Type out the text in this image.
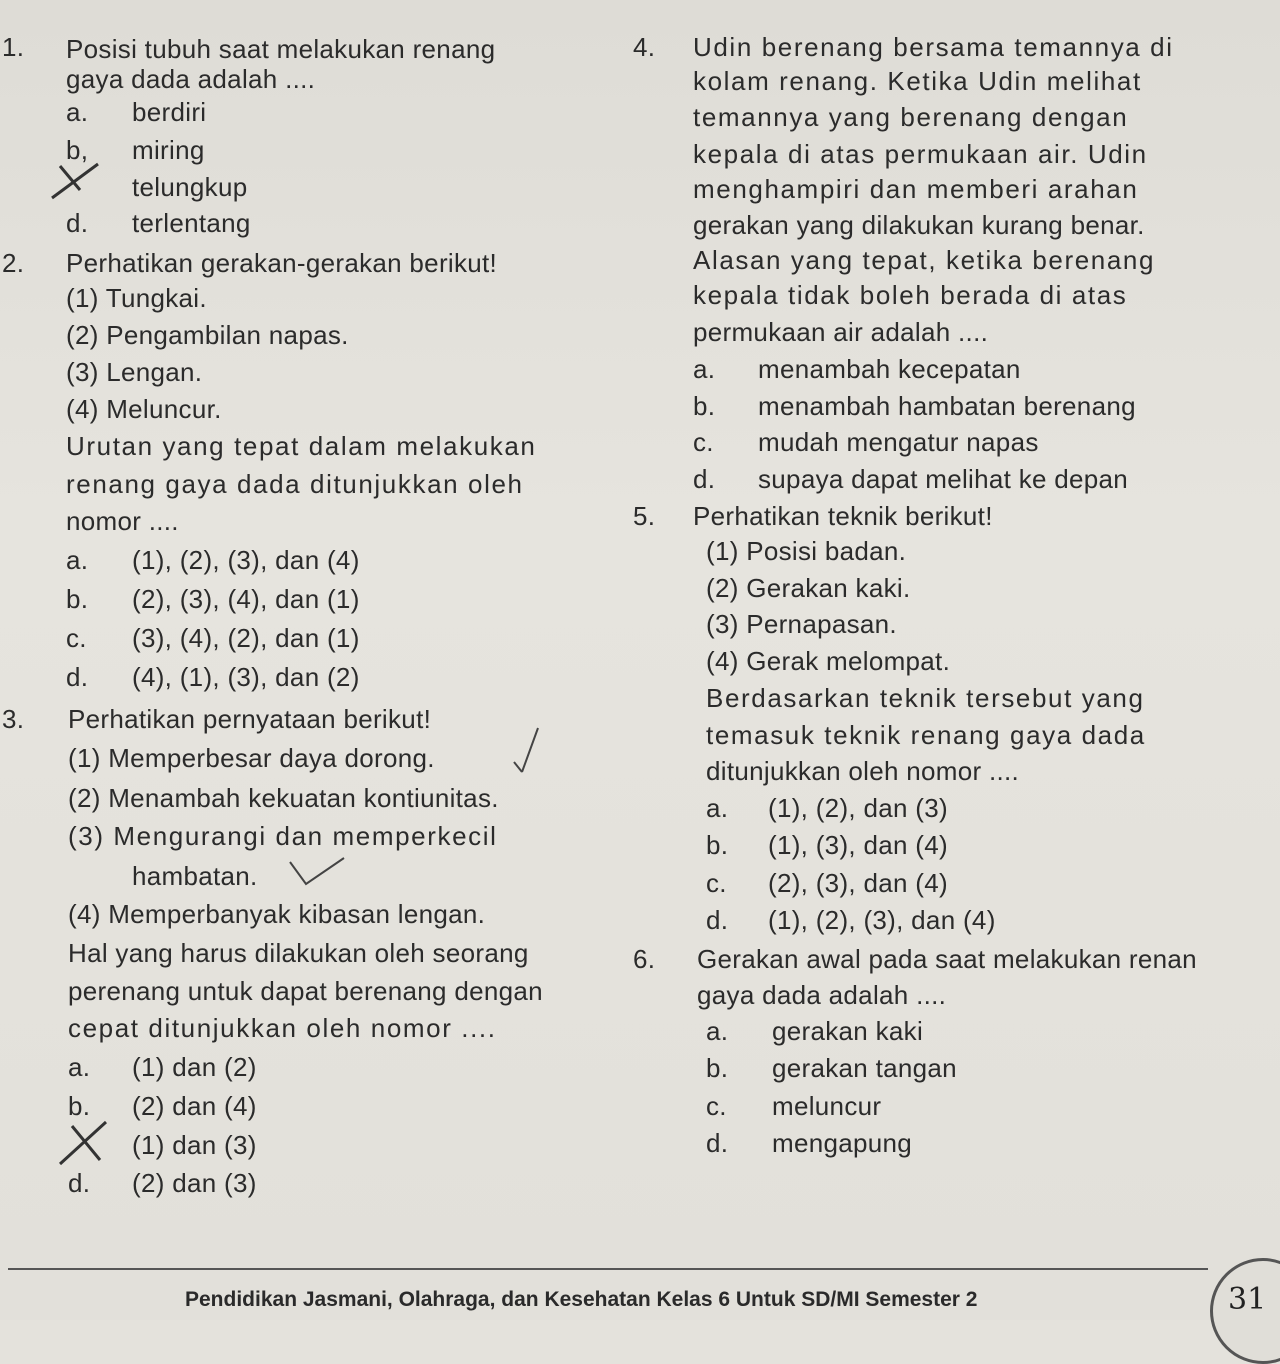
1. Posisi tubuh saat melakukan renang
gaya dada adalah ....
a. berdiri
b, miring
telungkup
d. terlentang
2. Perhatikan gerakan-gerakan berikut!
(1) Tungkai.
(2) Pengambilan napas.
(3) Lengan.
(4) Meluncur.
Urutan yang tepat dalam melakukan
renang gaya dada ditunjukkan oleh
nomor ....
a. (1), (2), (3), dan (4)
b. (2), (3), (4), dan (1)
c. (3), (4), (2), dan (1)
d. (4), (1), (3), dan (2)
3. Perhatikan pernyataan berikut!
(1) Memperbesar daya dorong.
(2) Menambah kekuatan kontiunitas.
(3) Mengurangi dan memperkecil
hambatan.
(4) Memperbanyak kibasan lengan.
Hal yang harus dilakukan oleh seorang
perenang untuk dapat berenang dengan
cepat ditunjukkan oleh nomor ....
a. (1) dan (2)
b. (2) dan (4)
(1) dan (3)
d. (2) dan (3)
4. Udin berenang bersama temannya di
kolam renang. Ketika Udin melihat
temannya yang berenang dengan
kepala di atas permukaan air. Udin
menghampiri dan memberi arahan
gerakan yang dilakukan kurang benar.
Alasan yang tepat, ketika berenang
kepala tidak boleh berada di atas
permukaan air adalah ....
a. menambah kecepatan
b. menambah hambatan berenang
c. mudah mengatur napas
d. supaya dapat melihat ke depan
5. Perhatikan teknik berikut!
(1) Posisi badan.
(2) Gerakan kaki.
(3) Pernapasan.
(4) Gerak melompat.
Berdasarkan teknik tersebut yang
temasuk teknik renang gaya dada
ditunjukkan oleh nomor ....
a. (1), (2), dan (3)
b. (1), (3), dan (4)
c. (2), (3), dan (4)
d. (1), (2), (3), dan (4)
6. Gerakan awal pada saat melakukan renan
gaya dada adalah ....
a. gerakan kaki
b. gerakan tangan
c. meluncur
d. mengapung
Pendidikan Jasmani, Olahraga, dan Kesehatan Kelas 6 Untuk SD/MI Semester 2	31
